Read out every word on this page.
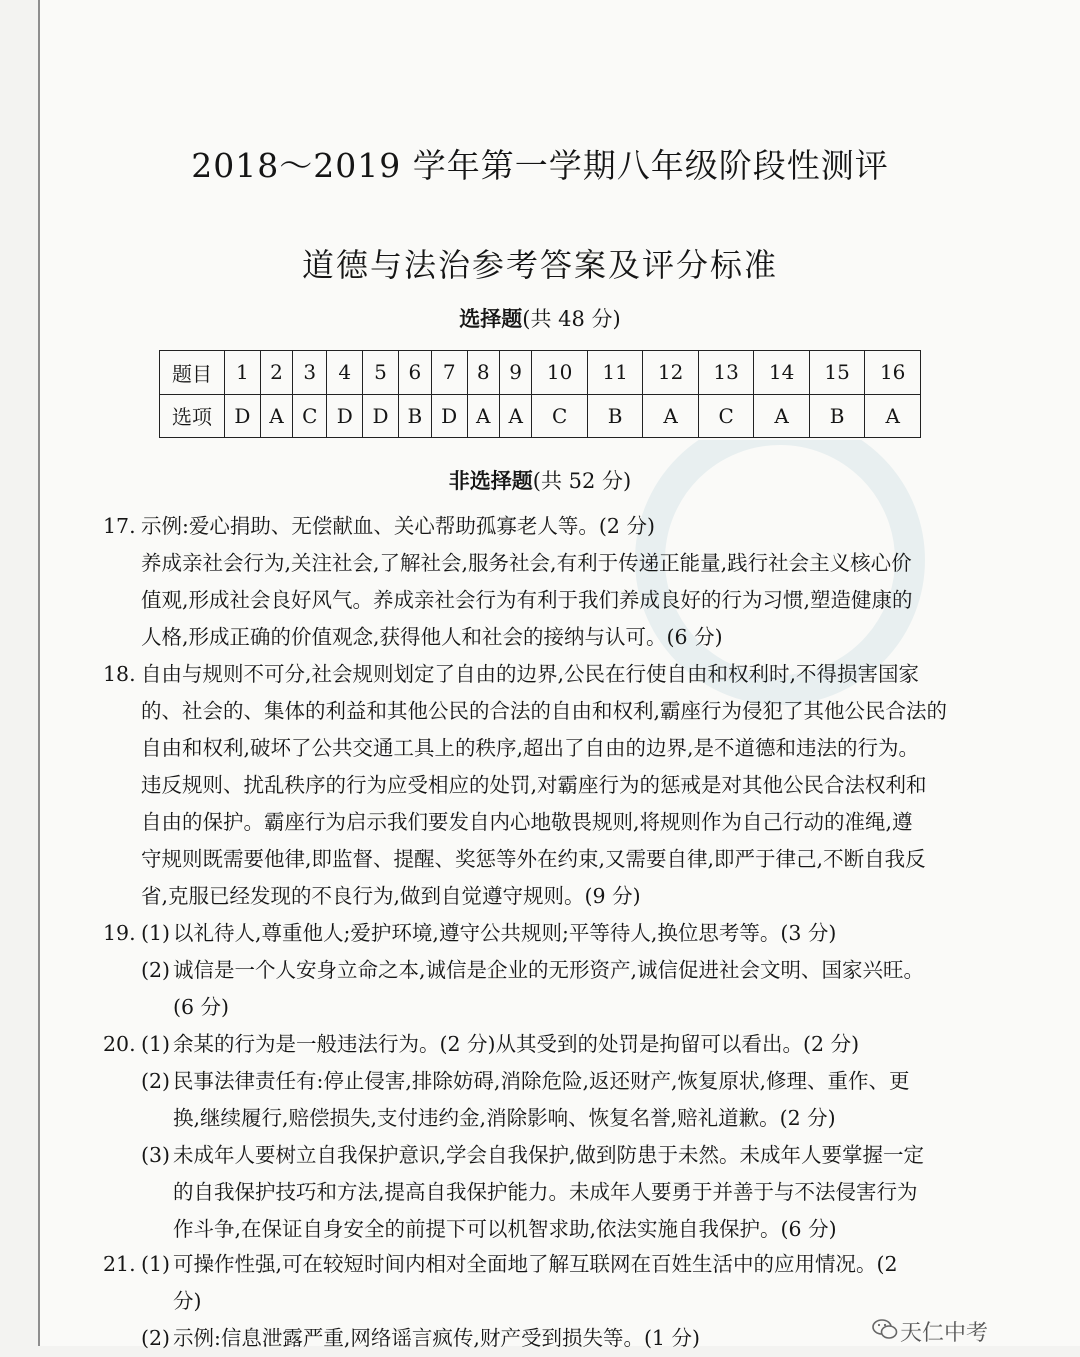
2018～2019 学年第一学期八年级阶段性测评
道德与法治参考答案及评分标准
选择题(共 48 分)
题目	1	2	3	4	5	6	7	8	9	10	11	12	13	14	15	16
选项	D	A	C	D	D	B	D	A	A	C	B	A	C	A	B	A
非选择题(共 52 分)
17. 示例:爱心捐助、无偿献血、关心帮助孤寡老人等。(2 分)
养成亲社会行为,关注社会,了解社会,服务社会,有利于传递正能量,践行社会主义核心价
值观,形成社会良好风气。养成亲社会行为有利于我们养成良好的行为习惯,塑造健康的
人格,形成正确的价值观念,获得他人和社会的接纳与认可。(6 分)
18. 自由与规则不可分,社会规则划定了自由的边界,公民在行使自由和权利时,不得损害国家
的、社会的、集体的利益和其他公民的合法的自由和权利,霸座行为侵犯了其他公民合法的
自由和权利,破坏了公共交通工具上的秩序,超出了自由的边界,是不道德和违法的行为。
违反规则、扰乱秩序的行为应受相应的处罚,对霸座行为的惩戒是对其他公民合法权利和
自由的保护。霸座行为启示我们要发自内心地敬畏规则,将规则作为自己行动的准绳,遵
守规则既需要他律,即监督、提醒、奖惩等外在约束,又需要自律,即严于律己,不断自我反
省,克服已经发现的不良行为,做到自觉遵守规则。(9 分)
19. (1) 以礼待人,尊重他人;爱护环境,遵守公共规则;平等待人,换位思考等。(3 分)
(2) 诚信是一个人安身立命之本,诚信是企业的无形资产,诚信促进社会文明、国家兴旺。
(6 分)
20. (1) 余某的行为是一般违法行为。(2 分)从其受到的处罚是拘留可以看出。(2 分)
(2) 民事法律责任有:停止侵害,排除妨碍,消除危险,返还财产,恢复原状,修理、重作、更
换,继续履行,赔偿损失,支付违约金,消除影响、恢复名誉,赔礼道歉。(2 分)
(3) 未成年人要树立自我保护意识,学会自我保护,做到防患于未然。未成年人要掌握一定
的自我保护技巧和方法,提高自我保护能力。未成年人要勇于并善于与不法侵害行为
作斗争,在保证自身安全的前提下可以机智求助,依法实施自我保护。(6 分)
21. (1) 可操作性强,可在较短时间内相对全面地了解互联网在百姓生活中的应用情况。(2
分)
(2) 示例:信息泄露严重,网络谣言疯传,财产受到损失等。(1 分)	天仁中考
